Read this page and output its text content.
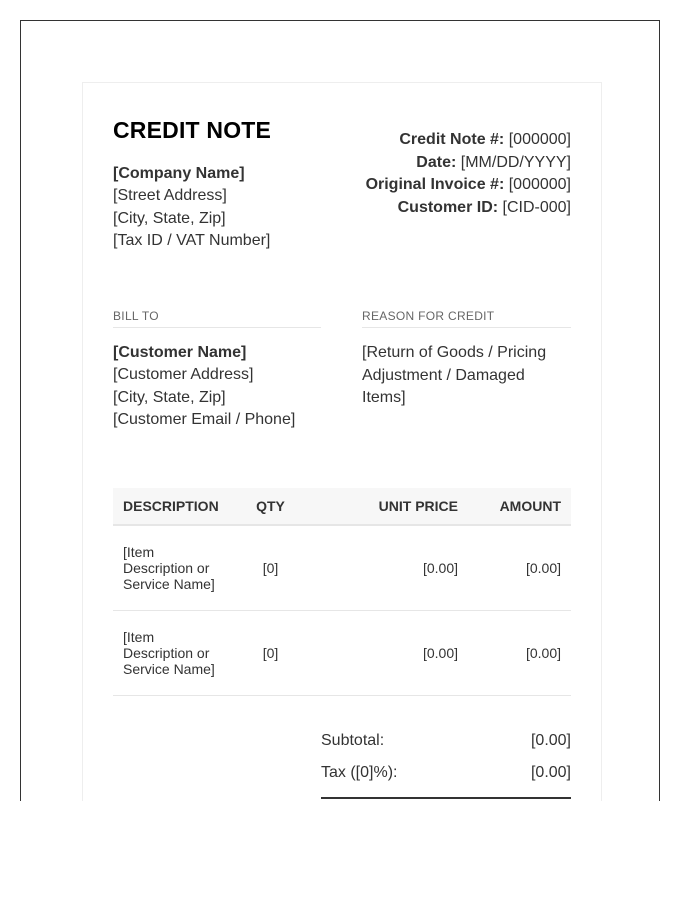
CREDIT NOTE
[Company Name]
[Street Address]
[City, State, Zip]
[Tax ID / VAT Number]
Credit Note #: [000000]
Date: [MM/DD/YYYY]
Original Invoice #: [000000]
Customer ID: [CID-000]
BILL TO	REASON FOR CREDIT
[Customer Name]
[Customer Address]
[City, State, Zip]
[Customer Email / Phone]
[Return of Goods / Pricing Adjustment / Damaged Items]
DESCRIPTION	QTY	UNIT PRICE	AMOUNT
[Item Description or Service Name]	[0]	[0.00]	[0.00]
[Item Description or Service Name]	[0]	[0.00]	[0.00]
Subtotal:	[0.00]
Tax ([0]%):	[0.00]
